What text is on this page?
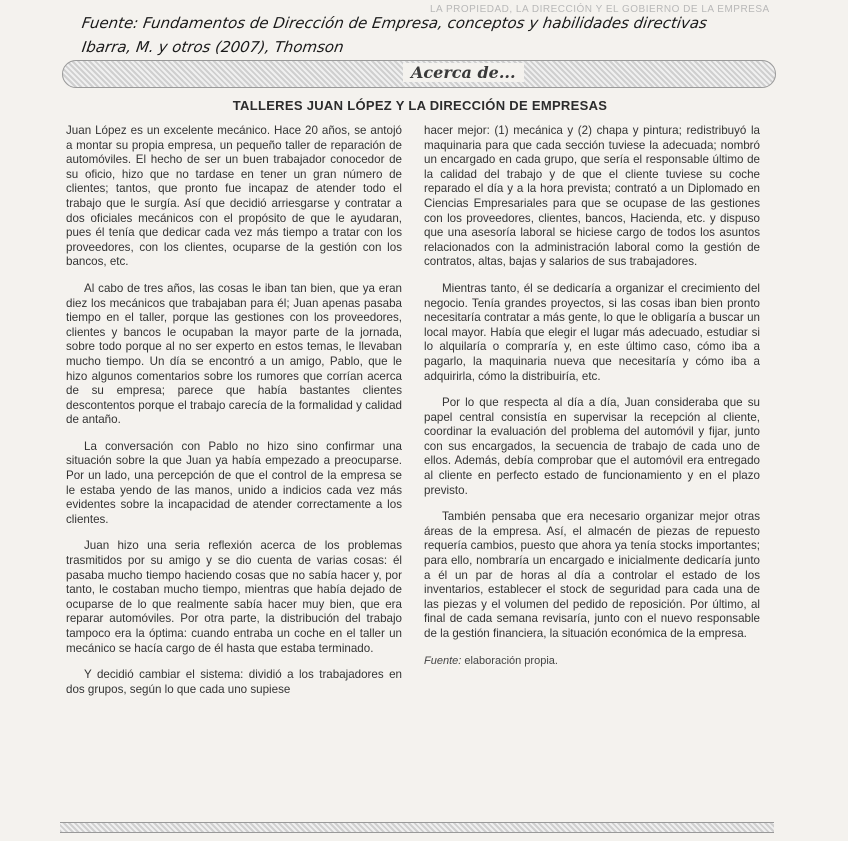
LA PROPIEDAD, LA DIRECCIÓN Y EL GOBIERNO DE LA EMPRESA
Fuente: Fundamentos de Dirección de Empresa, conceptos y habilidades directivas
Ibarra, M. y otros (2007), Thomson
Acerca de...
TALLERES JUAN LÓPEZ Y LA DIRECCIÓN DE EMPRESAS

Juan López es un excelente mecánico. Hace 20 años, se antojó a montar su propia empresa, un pequeño taller de reparación de automóviles. El hecho de ser un buen trabajador conocedor de su oficio, hizo que no tardase en tener un gran número de clientes; tantos, que pronto fue incapaz de atender todo el trabajo que le surgía. Así que decidió arriesgarse y contratar a dos oficiales mecánicos con el propósito de que le ayudaran, pues él tenía que dedicar cada vez más tiempo a tratar con los proveedores, con los clientes, ocuparse de la gestión con los bancos, etc.

Al cabo de tres años, las cosas le iban tan bien, que ya eran diez los mecánicos que trabajaban para él; Juan apenas pasaba tiempo en el taller, porque las gestiones con los proveedores, clientes y bancos le ocupaban la mayor parte de la jornada, sobre todo porque al no ser experto en estos temas, le llevaban mucho tiempo. Un día se encontró a un amigo, Pablo, que le hizo algunos comentarios sobre los rumores que corrían acerca de su empresa; parece que había bastantes clientes descontentos porque el trabajo carecía de la formalidad y calidad de antaño.

La conversación con Pablo no hizo sino confirmar una situación sobre la que Juan ya había empezado a preocuparse. Por un lado, una percepción de que el control de la empresa se le estaba yendo de las manos, unido a indicios cada vez más evidentes sobre la incapacidad de atender correctamente a los clientes.

Juan hizo una seria reflexión acerca de los problemas trasmitidos por su amigo y se dio cuenta de varias cosas: él pasaba mucho tiempo haciendo cosas que no sabía hacer y, por tanto, le costaban mucho tiempo, mientras que había dejado de ocuparse de lo que realmente sabía hacer muy bien, que era reparar automóviles. Por otra parte, la distribución del trabajo tampoco era la óptima: cuando entraba un coche en el taller un mecánico se hacía cargo de él hasta que estaba terminado.

Y decidió cambiar el sistema: dividió a los trabajadores en dos grupos, según lo que cada uno supiese

hacer mejor: (1) mecánica y (2) chapa y pintura; redistribuyó la maquinaria para que cada sección tuviese la adecuada; nombró un encargado en cada grupo, que sería el responsable último de la calidad del trabajo y de que el cliente tuviese su coche reparado el día y a la hora prevista; contrató a un Diplomado en Ciencias Empresariales para que se ocupase de las gestiones con los proveedores, clientes, bancos, Hacienda, etc. y dispuso que una asesoría laboral se hiciese cargo de todos los asuntos relacionados con la administración laboral como la gestión de contratos, altas, bajas y salarios de sus trabajadores.

Mientras tanto, él se dedicaría a organizar el crecimiento del negocio. Tenía grandes proyectos, si las cosas iban bien pronto necesitaría contratar a más gente, lo que le obligaría a buscar un local mayor. Había que elegir el lugar más adecuado, estudiar si lo alquilaría o compraría y, en este último caso, cómo iba a pagarlo, la maquinaria nueva que necesitaría y cómo iba a adquirirla, cómo la distribuiría, etc.

Por lo que respecta al día a día, Juan consideraba que su papel central consistía en supervisar la recepción al cliente, coordinar la evaluación del problema del automóvil y fijar, junto con sus encargados, la secuencia de trabajo de cada uno de ellos. Además, debía comprobar que el automóvil era entregado al cliente en perfecto estado de funcionamiento y en el plazo previsto.

También pensaba que era necesario organizar mejor otras áreas de la empresa. Así, el almacén de piezas de repuesto requería cambios, puesto que ahora ya tenía stocks importantes; para ello, nombraría un encargado e inicialmente dedicaría junto a él un par de horas al día a controlar el estado de los inventarios, establecer el stock de seguridad para cada una de las piezas y el volumen del pedido de reposición. Por último, al final de cada semana revisaría, junto con el nuevo responsable de la gestión financiera, la situación económica de la empresa.

Fuente: elaboración propia.
